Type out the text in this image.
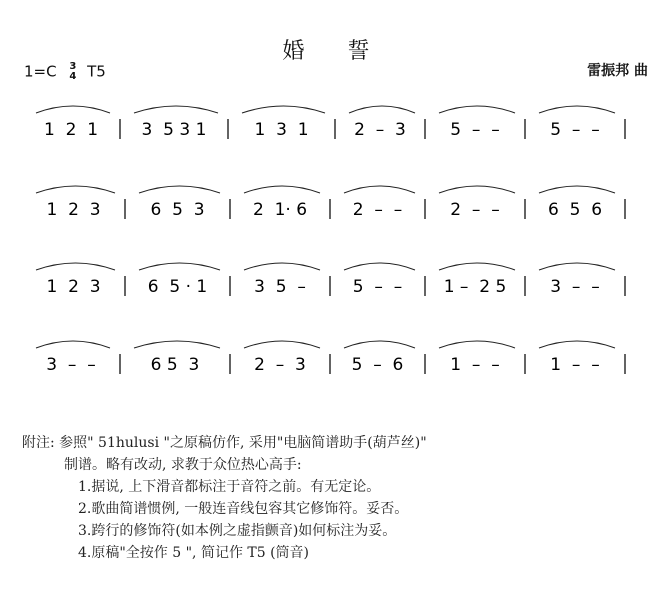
婚 誓
1=C 3
4 T5	雷振邦 曲
1  2  1	3  5 3 1	1  3  1	2  –  3	5  –  –	5  –  –
1  2  3	6  5  3	2  1· 6	2  –  –	2  –  –	6  5  6
1  2  3	6  5 · 1	3  5  –	5  –  – 1 –  2 5	3  –  –
3  –  –	6 5  3	2  –  3	5  –  6	1  –  –	1  –  –
附注: 参照" 51hulusi "之原稿仿作, 采用"电脑简谱助手(葫芦丝)"
制谱。略有改动, 求教于众位热心高手:
1.据说, 上下滑音都标注于音符之前。有无定论。
2.歌曲简谱惯例, 一般连音线包容其它修饰符。妥否。
3.跨行的修饰符(如本例之虚指颤音)如何标注为妥。
4.原稿"全按作 5 ", 简记作 T5 (筒音)
